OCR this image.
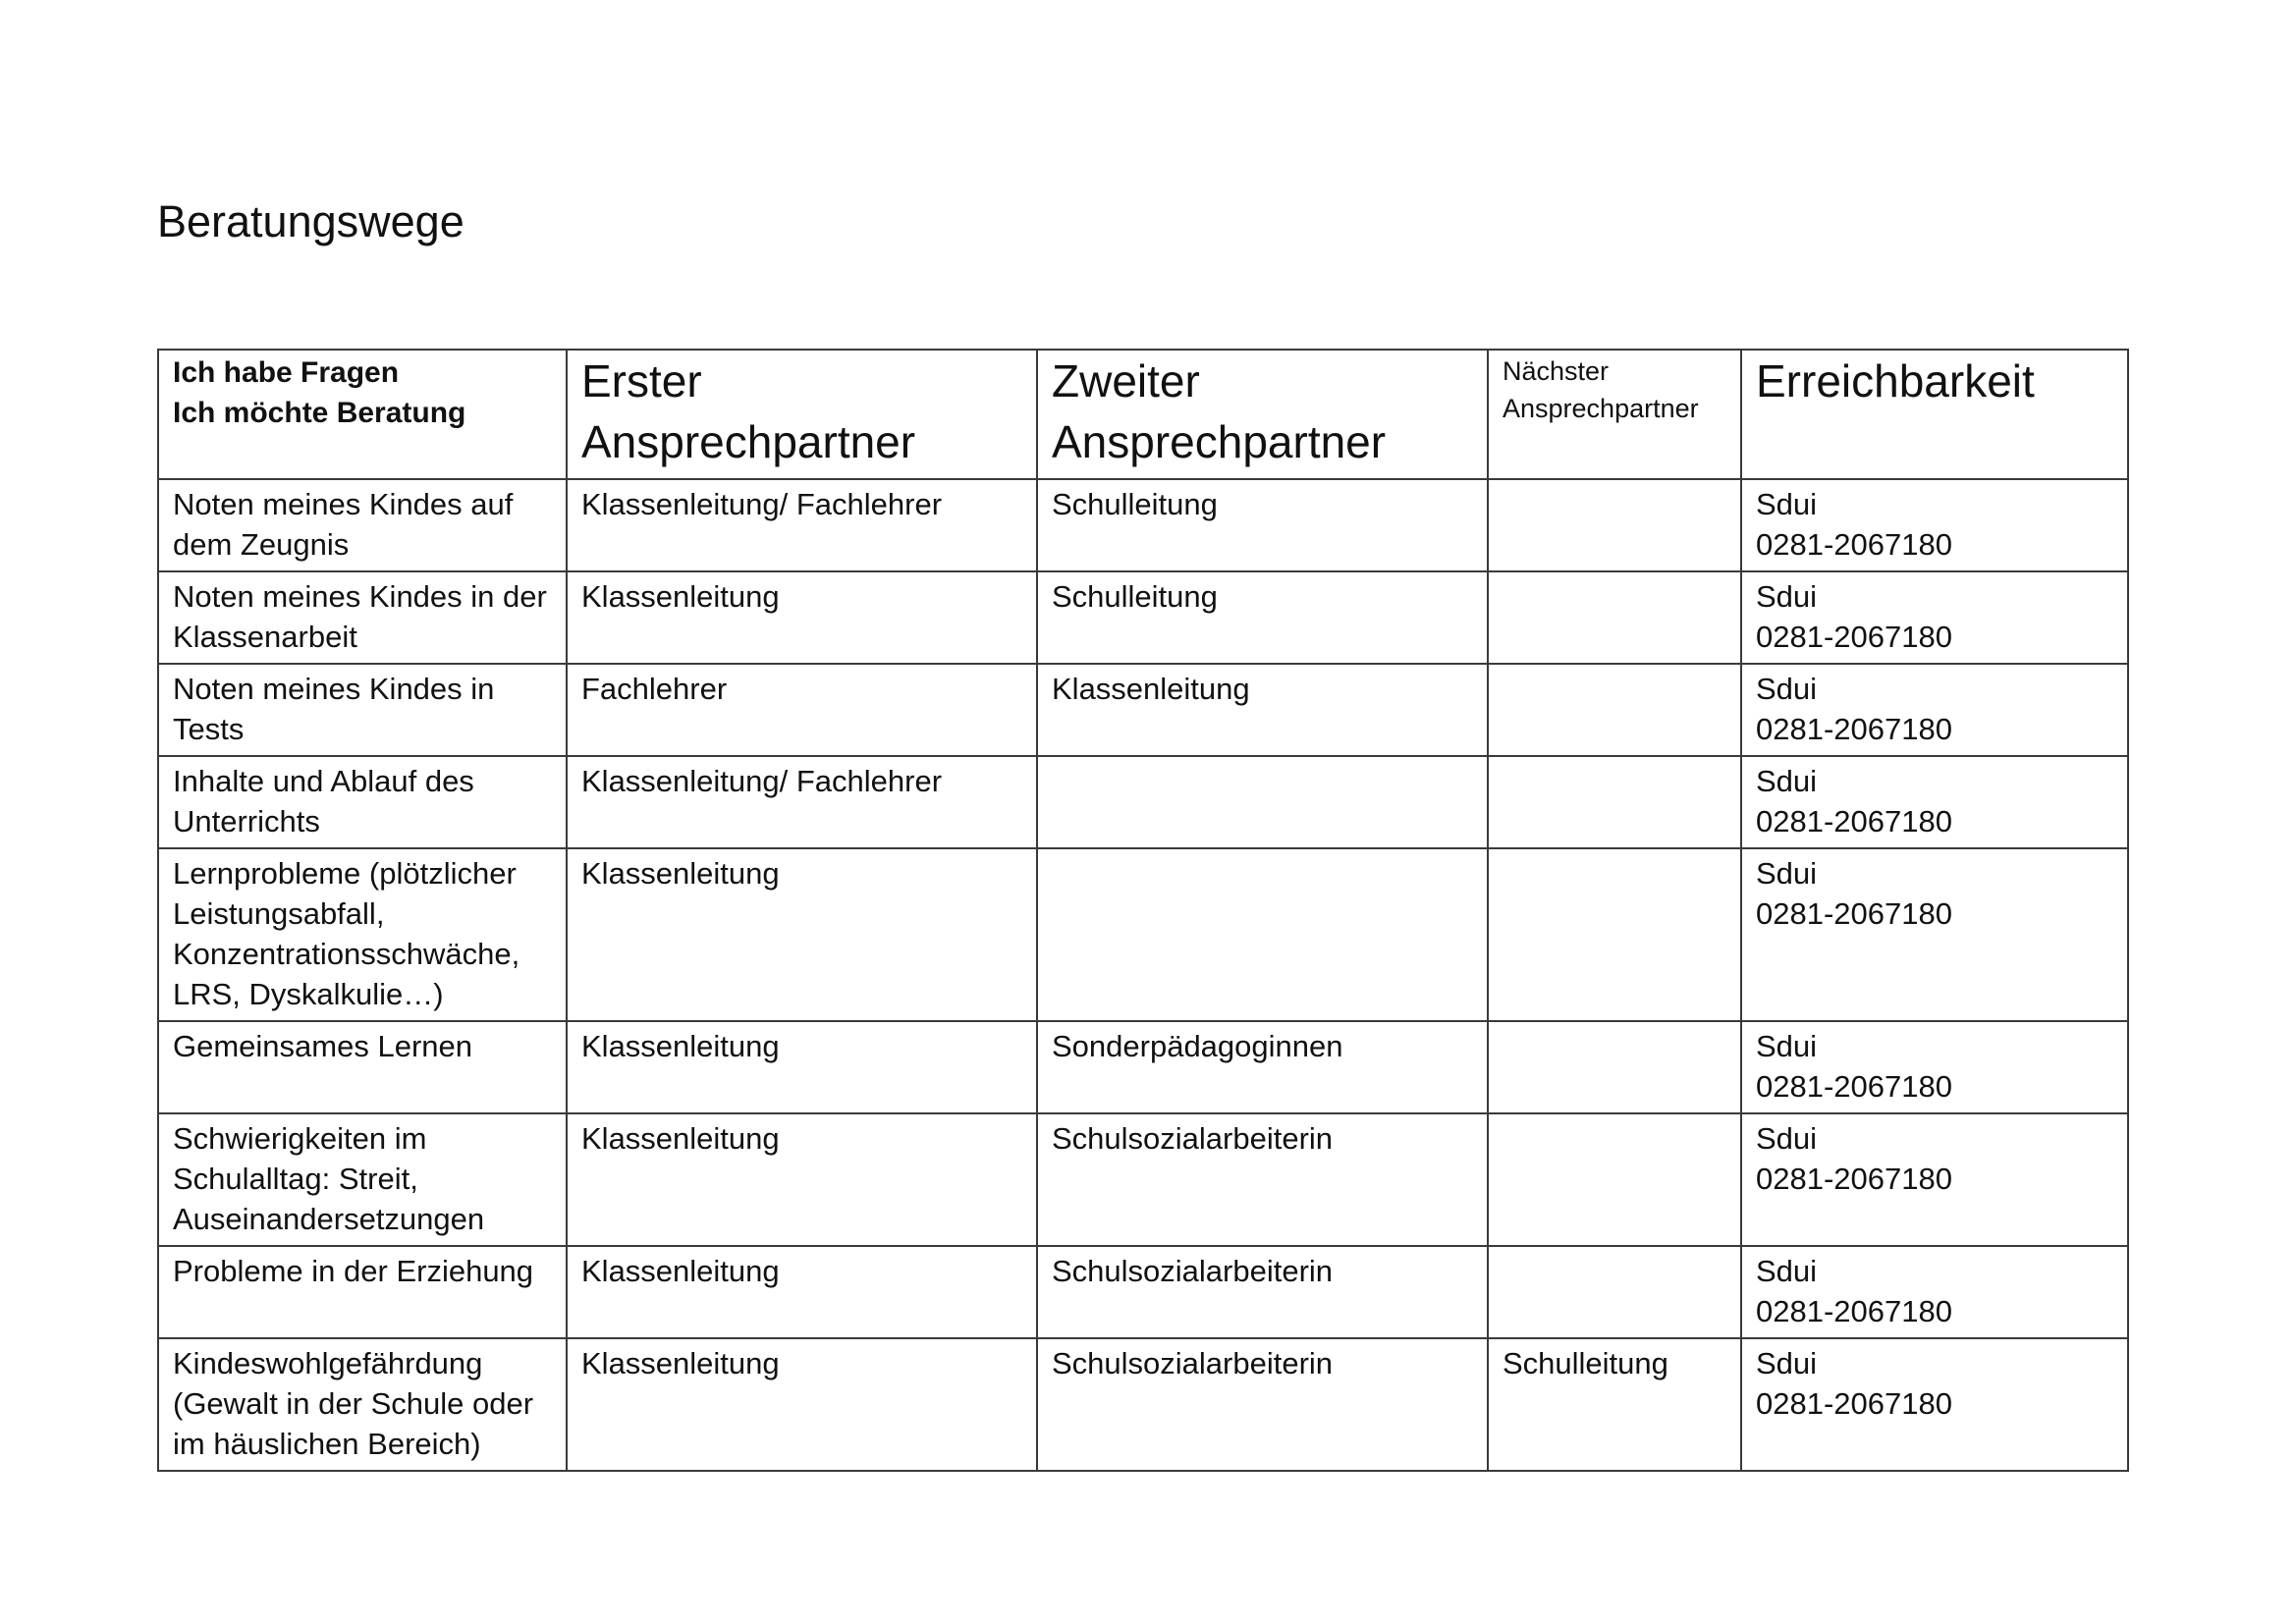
Beratungswege
Ich habe Fragen
Ich möchte Beratung	Erster Ansprechpartner	Zweiter Ansprechpartner	Nächster Ansprechpartner	Erreichbarkeit
Noten meines Kindes auf dem Zeugnis	Klassenleitung/ Fachlehrer	Schulleitung		Sdui
0281-2067180

Noten meines Kindes in der Klassenarbeit	Klassenleitung	Schulleitung		Sdui
0281-2067180

Noten meines Kindes in Tests	Fachlehrer	Klassenleitung		Sdui
0281-2067180

Inhalte und Ablauf des Unterrichts	Klassenleitung/ Fachlehrer			Sdui
0281-2067180

Lernprobleme (plötzlicher Leistungsabfall, Konzentrationsschwäche, LRS, Dyskalkulie…)	Klassenleitung			Sdui
0281-2067180

Gemeinsames Lernen	Klassenleitung	Sonderpädagoginnen		Sdui
0281-2067180

Schwierigkeiten im Schulalltag: Streit, Auseinandersetzungen	Klassenleitung	Schulsozialarbeiterin		Sdui
0281-2067180

Probleme in der Erziehung	Klassenleitung	Schulsozialarbeiterin		Sdui
0281-2067180

Kindeswohlgefährdung (Gewalt in der Schule oder im häuslichen Bereich)	Klassenleitung	Schulsozialarbeiterin	Schulleitung	Sdui
0281-2067180
